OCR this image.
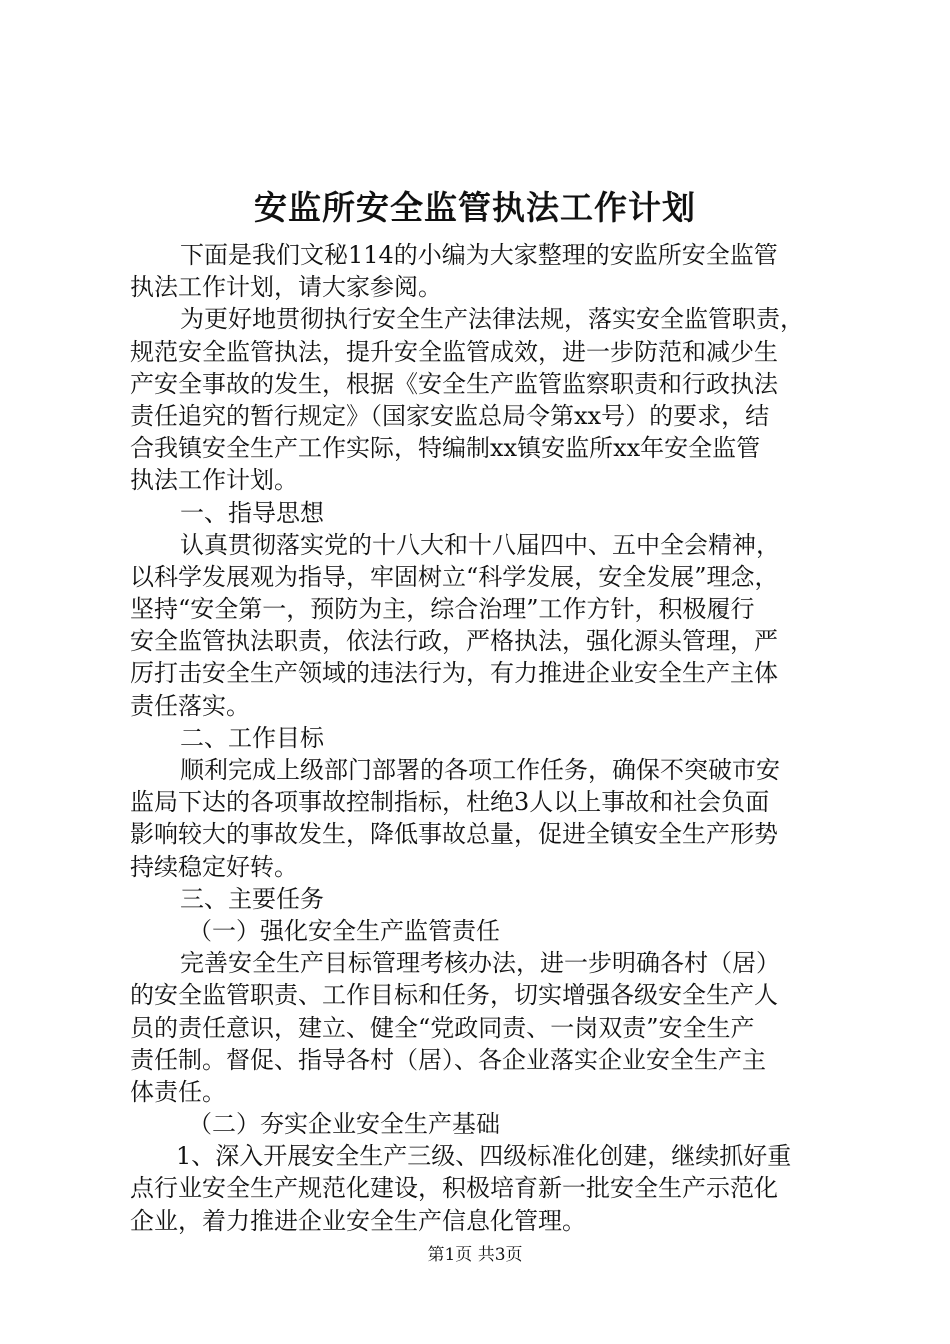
安监所安全监管执法工作计划
下面是我们文秘114的小编为大家整理的安监所安全监管
执法工作计划，请大家参阅。
为更好地贯彻执行安全生产法律法规，落实安全监管职责，
规范安全监管执法，提升安全监管成效，进一步防范和减少生
产安全事故的发生，根据《安全生产监管监察职责和行政执法
责任追究的暂行规定》（国家安监总局令第xx号）的要求，结
合我镇安全生产工作实际，特编制xx镇安监所xx年安全监管
执法工作计划。
一、指导思想
认真贯彻落实党的十八大和十八届四中、五中全会精神，
以科学发展观为指导，牢固树立“科学发展，安全发展”理念，
坚持“安全第一，预防为主，综合治理”工作方针，积极履行
安全监管执法职责，依法行政，严格执法，强化源头管理，严
厉打击安全生产领域的违法行为，有力推进企业安全生产主体
责任落实。
二、工作目标
顺利完成上级部门部署的各项工作任务，确保不突破市安
监局下达的各项事故控制指标，杜绝3人以上事故和社会负面
影响较大的事故发生，降低事故总量，促进全镇安全生产形势
持续稳定好转。
三、主要任务
（一）强化安全生产监管责任
完善安全生产目标管理考核办法，进一步明确各村（居）
的安全监管职责、工作目标和任务，切实增强各级安全生产人
员的责任意识，建立、健全“党政同责、一岗双责”安全生产
责任制。督促、指导各村（居）、各企业落实企业安全生产主
体责任。
（二）夯实企业安全生产基础
1、深入开展安全生产三级、四级标准化创建，继续抓好重
点行业安全生产规范化建设，积极培育新一批安全生产示范化
企业，着力推进企业安全生产信息化管理。
第1页 共3页
